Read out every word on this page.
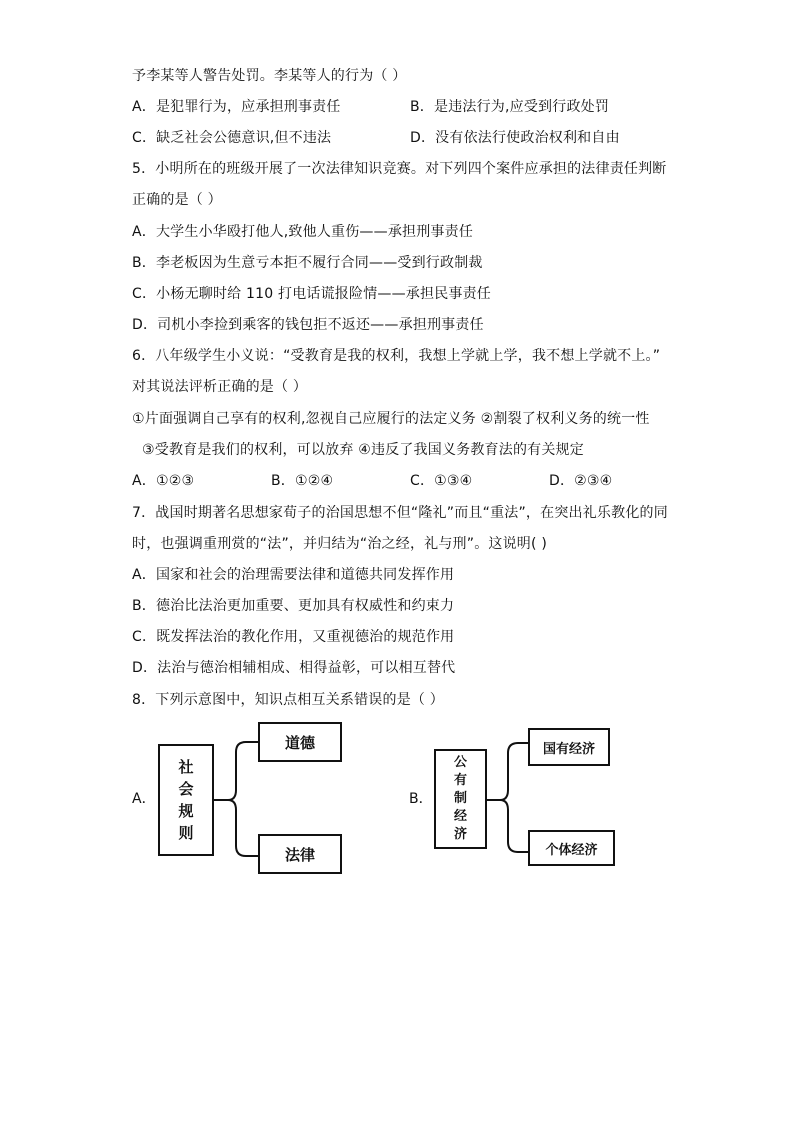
予李某等人警告处罚。李某等人的行为（ ）
A．是犯罪行为，应承担刑事责任	B．是违法行为,应受到行政处罚
C．缺乏社会公德意识,但不违法	D．没有依法行使政治权利和自由
5．小明所在的班级开展了一次法律知识竞赛。对下列四个案件应承担的法律责任判断
正确的是（ ）
A．大学生小华殴打他人,致他人重伤——承担刑事责任
B．李老板因为生意亏本拒不履行合同——受到行政制裁
C．小杨无聊时给 110 打电话谎报险情——承担民事责任
D．司机小李捡到乘客的钱包拒不返还——承担刑事责任
6．八年级学生小义说：“受教育是我的权利，我想上学就上学，我不想上学就不上。”
对其说法评析正确的是（ ）
①片面强调自己享有的权利,忽视自己应履行的法定义务 ②割裂了权利义务的统一性
③受教育是我们的权利，可以放弃 ④违反了我国义务教育法的有关规定
A．①②③	B．①②④	C．①③④	D．②③④
7．战国时期著名思想家荀子的治国思想不但“隆礼”而且“重法”，在突出礼乐教化的同
时，也强调重刑赏的“法”，并归结为“治之经，礼与刑”。这说明( )
A．国家和社会的治理需要法律和道德共同发挥作用
B．德治比法治更加重要、更加具有权威性和约束力
C．既发挥法治的教化作用，又重视德治的规范作用
D．法治与德治相辅相成、相得益彰，可以相互替代
8．下列示意图中，知识点相互关系错误的是（ ）
A．
社
会
规
则
道德
法律
B．
公
有
制
经
济
国有经济
个体经济
